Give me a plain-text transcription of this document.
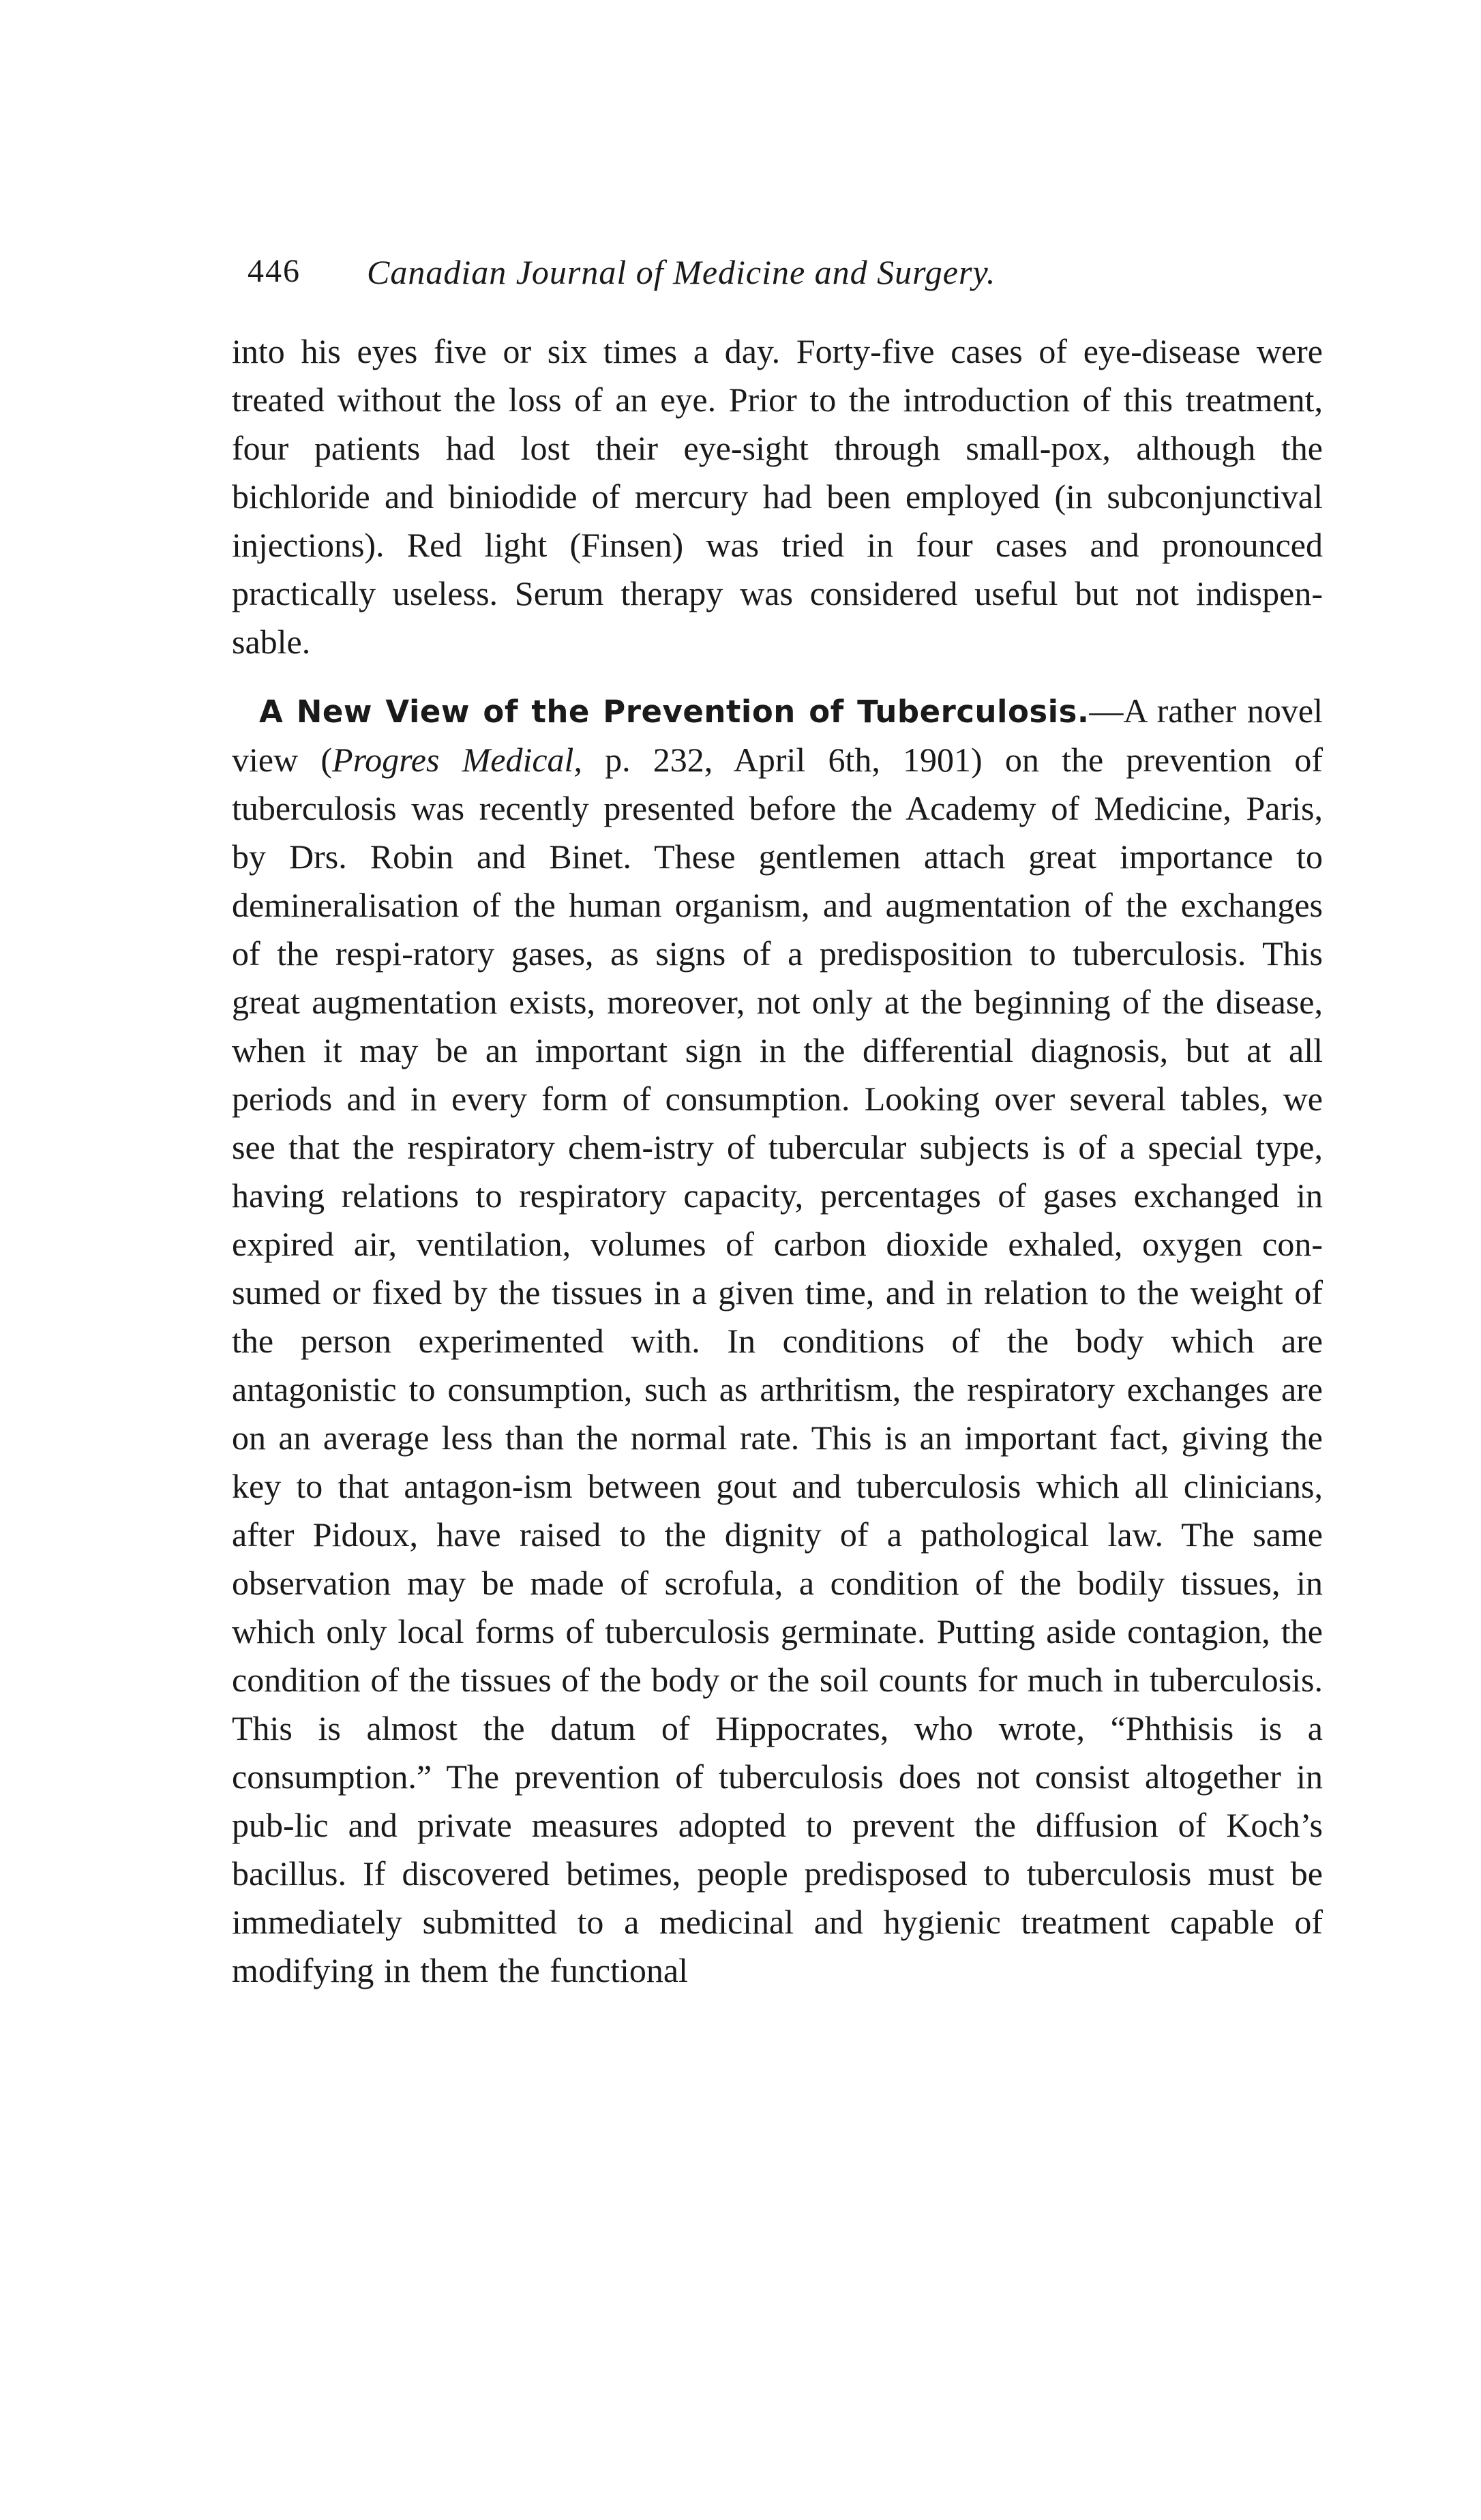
446 Canadian Journal of Medicine and Surgery.

into his eyes five or six times a day. Forty-five cases of eye-disease were treated without the loss of an eye. Prior to the introduction of this treatment, four patients had lost their eye-sight through small-pox, although the bichloride and biniodide of mercury had been employed (in subconjunctival injections). Red light (Finsen) was tried in four cases and pronounced practically useless. Serum therapy was considered useful but not indispen-sable.

A New View of the Prevention of Tuberculosis.—A rather novel view (Progres Medical, p. 232, April 6th, 1901) on the prevention of tuberculosis was recently presented before the Academy of Medicine, Paris, by Drs. Robin and Binet. These gentlemen attach great importance to demineralisation of the human organism, and augmentation of the exchanges of the respi-ratory gases, as signs of a predisposition to tuberculosis. This great augmentation exists, moreover, not only at the beginning of the disease, when it may be an important sign in the differential diagnosis, but at all periods and in every form of consumption. Looking over several tables, we see that the respiratory chem-istry of tubercular subjects is of a special type, having relations to respiratory capacity, percentages of gases exchanged in expired air, ventilation, volumes of carbon dioxide exhaled, oxygen con-sumed or fixed by the tissues in a given time, and in relation to the weight of the person experimented with. In conditions of the body which are antagonistic to consumption, such as arthritism, the respiratory exchanges are on an average less than the normal rate. This is an important fact, giving the key to that antagon-ism between gout and tuberculosis which all clinicians, after Pidoux, have raised to the dignity of a pathological law. The same observation may be made of scrofula, a condition of the bodily tissues, in which only local forms of tuberculosis germinate. Putting aside contagion, the condition of the tissues of the body or the soil counts for much in tuberculosis. This is almost the datum of Hippocrates, who wrote, “Phthisis is a consumption.” The prevention of tuberculosis does not consist altogether in pub-lic and private measures adopted to prevent the diffusion of Koch’s bacillus. If discovered betimes, people predisposed to tuberculosis must be immediately submitted to a medicinal and hygienic treatment capable of modifying in them the functional
